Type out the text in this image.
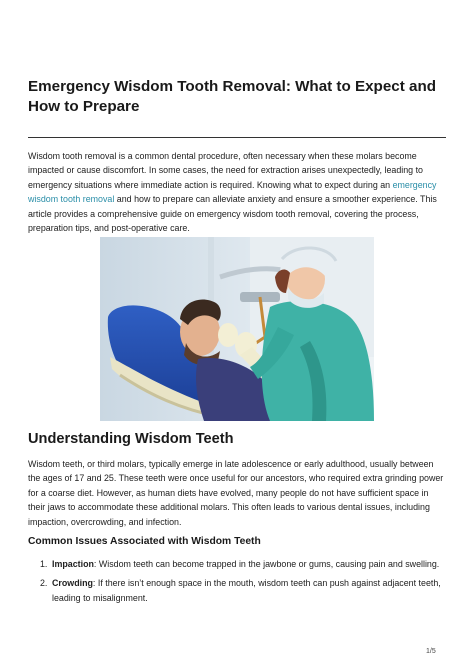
Emergency Wisdom Tooth Removal: What to Expect and How to Prepare

Wisdom tooth removal is a common dental procedure, often necessary when these molars become impacted or cause discomfort. In some cases, the need for extraction arises unexpectedly, leading to emergency situations where immediate action is required. Knowing what to expect during an emergency wisdom tooth removal and how to prepare can alleviate anxiety and ensure a smoother experience. This article provides a comprehensive guide on emergency wisdom tooth removal, covering the process, preparation tips, and post-operative care.

Understanding Wisdom Teeth

Wisdom teeth, or third molars, typically emerge in late adolescence or early adulthood, usually between the ages of 17 and 25. These teeth were once useful for our ancestors, who required extra grinding power for a coarse diet. However, as human diets have evolved, many people do not have sufficient space in their jaws to accommodate these additional molars. This often leads to various dental issues, including impaction, overcrowding, and infection.

Common Issues Associated with Wisdom Teeth
1. Impaction: Wisdom teeth can become trapped in the jawbone or gums, causing pain and swelling.
2. Crowding: If there isn’t enough space in the mouth, wisdom teeth can push against adjacent teeth, leading to misalignment.
1/5
